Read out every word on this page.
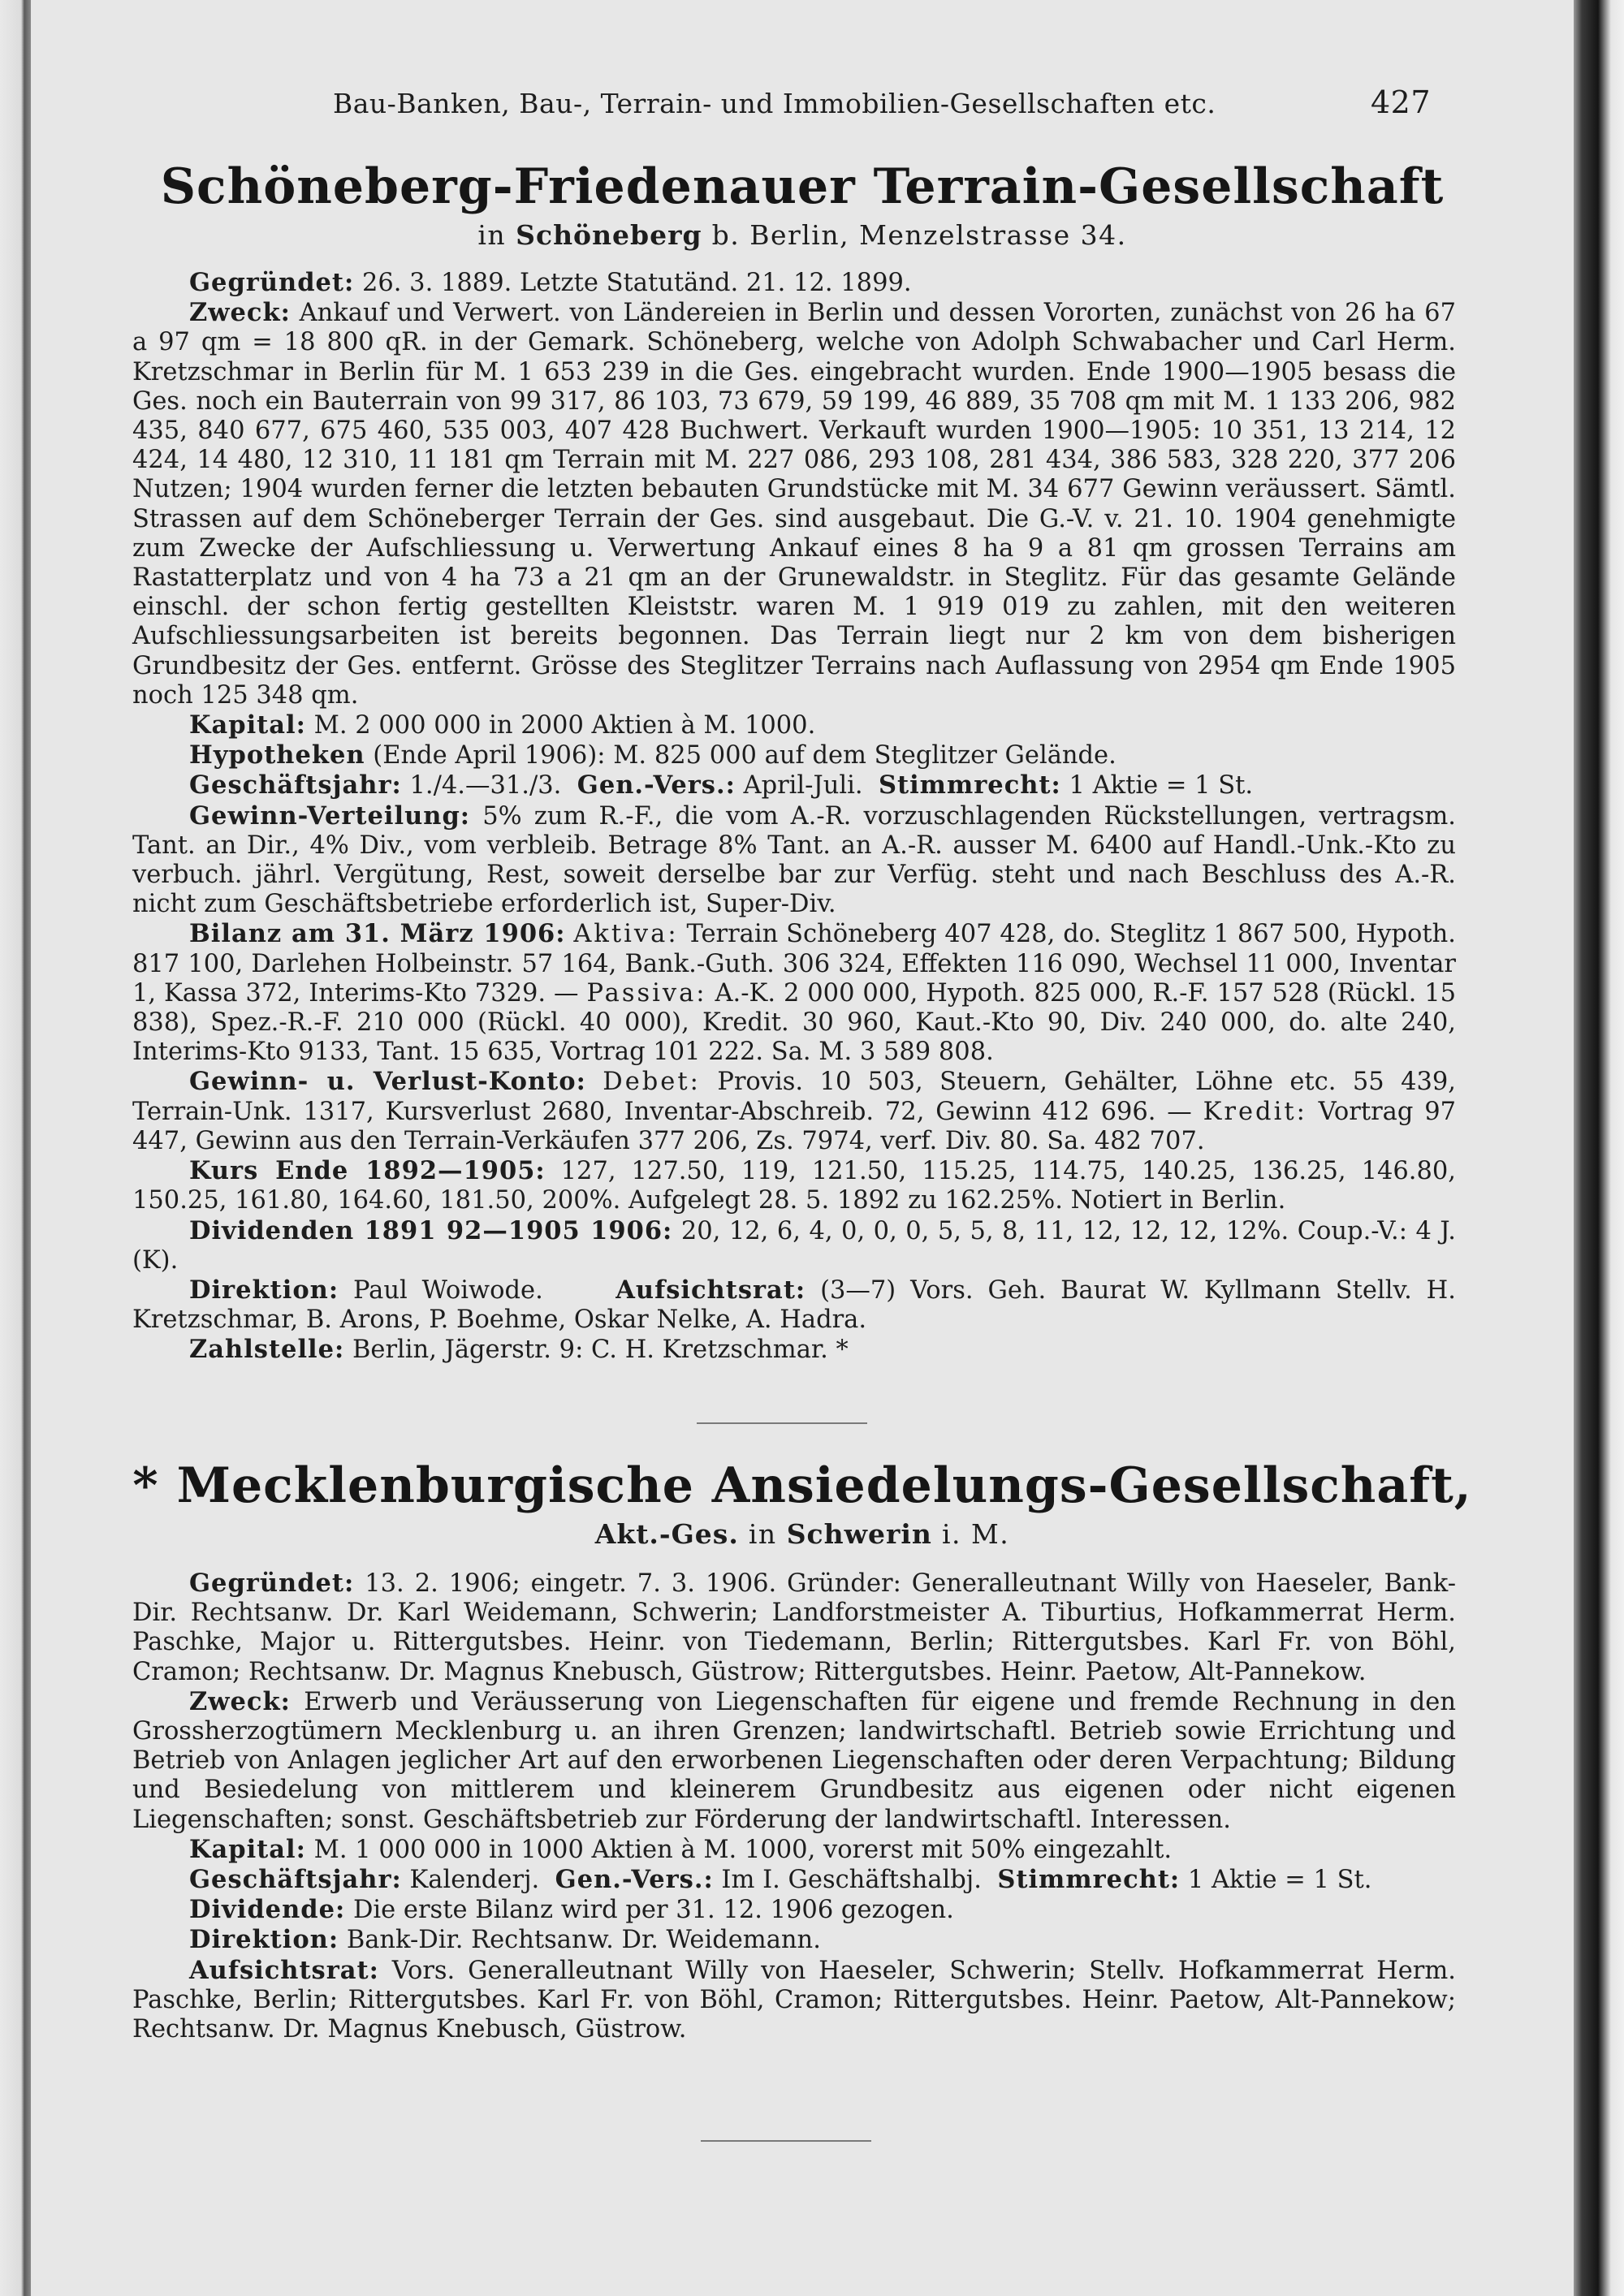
Bau-Banken, Bau-, Terrain- und Immobilien-Gesellschaften etc.	427
Schöneberg-Friedenauer Terrain-Gesellschaft
in Schöneberg b. Berlin, Menzelstrasse 34.

Gegründet: 26. 3. 1889. Letzte Statutänd. 21. 12. 1899.

Zweck: Ankauf und Verwert. von Ländereien in Berlin und dessen Vororten, zunächst von 26 ha 67 a 97 qm = 18 800 qR. in der Gemark. Schöneberg, welche von Adolph Schwabacher und Carl Herm. Kretzschmar in Berlin für M. 1 653 239 in die Ges. eingebracht wurden. Ende 1900—1905 besass die Ges. noch ein Bauterrain von 99 317, 86 103, 73 679, 59 199, 46 889, 35 708 qm mit M. 1 133 206, 982 435, 840 677, 675 460, 535 003, 407 428 Buchwert. Verkauft wurden 1900—1905: 10 351, 13 214, 12 424, 14 480, 12 310, 11 181 qm Terrain mit M. 227 086, 293 108, 281 434, 386 583, 328 220, 377 206 Nutzen; 1904 wurden ferner die letzten bebauten Grundstücke mit M. 34 677 Gewinn veräussert. Sämtl. Strassen auf dem Schöneberger Terrain der Ges. sind ausgebaut. Die G.-V. v. 21. 10. 1904 genehmigte zum Zwecke der Aufschliessung u. Verwertung Ankauf eines 8 ha 9 a 81 qm grossen Terrains am Rastatterplatz und von 4 ha 73 a 21 qm an der Grunewaldstr. in Steglitz. Für das gesamte Gelände einschl. der schon fertig gestellten Kleiststr. waren M. 1 919 019 zu zahlen, mit den weiteren Aufschliessungsarbeiten ist bereits begonnen. Das Terrain liegt nur 2 km von dem bisherigen Grundbesitz der Ges. entfernt. Grösse des Steglitzer Terrains nach Auflassung von 2954 qm Ende 1905 noch 125 348 qm.

Kapital: M. 2 000 000 in 2000 Aktien à M. 1000.

Hypotheken (Ende April 1906): M. 825 000 auf dem Steglitzer Gelände.

Geschäftsjahr: 1./4.—31./3. Gen.-Vers.: April-Juli. Stimmrecht: 1 Aktie = 1 St.

Gewinn-Verteilung: 5% zum R.-F., die vom A.-R. vorzuschlagenden Rückstellungen, vertragsm. Tant. an Dir., 4% Div., vom verbleib. Betrage 8% Tant. an A.-R. ausser M. 6400 auf Handl.-Unk.-Kto zu verbuch. jährl. Vergütung, Rest, soweit derselbe bar zur Verfüg. steht und nach Beschluss des A.-R. nicht zum Geschäftsbetriebe erforderlich ist, Super-Div.

Bilanz am 31. März 1906: Aktiva: Terrain Schöneberg 407 428, do. Steglitz 1 867 500, Hypoth. 817 100, Darlehen Holbeinstr. 57 164, Bank.-Guth. 306 324, Effekten 116 090, Wechsel 11 000, Inventar 1, Kassa 372, Interims-Kto 7329. — Passiva: A.-K. 2 000 000, Hypoth. 825 000, R.-F. 157 528 (Rückl. 15 838), Spez.-R.-F. 210 000 (Rückl. 40 000), Kredit. 30 960, Kaut.-Kto 90, Div. 240 000, do. alte 240, Interims-Kto 9133, Tant. 15 635, Vortrag 101 222. Sa. M. 3 589 808.

Gewinn- u. Verlust-Konto: Debet: Provis. 10 503, Steuern, Gehälter, Löhne etc. 55 439, Terrain-Unk. 1317, Kursverlust 2680, Inventar-Abschreib. 72, Gewinn 412 696. — Kredit: Vortrag 97 447, Gewinn aus den Terrain-Verkäufen 377 206, Zs. 7974, verf. Div. 80. Sa. 482 707.

Kurs Ende 1892—1905: 127, 127.50, 119, 121.50, 115.25, 114.75, 140.25, 136.25, 146.80, 150.25, 161.80, 164.60, 181.50, 200%. Aufgelegt 28. 5. 1892 zu 162.25%. Notiert in Berlin.

Dividenden 1891 92—1905 1906: 20, 12, 6, 4, 0, 0, 0, 5, 5, 8, 11, 12, 12, 12, 12%. Coup.-V.: 4 J. (K).

Direktion: Paul Woiwode.	Aufsichtsrat: (3—7) Vors. Geh. Baurat W. Kyllmann Stellv. H. Kretzschmar, B. Arons, P. Boehme, Oskar Nelke, A. Hadra.

Zahlstelle: Berlin, Jägerstr. 9: C. H. Kretzschmar. *

* Mecklenburgische Ansiedelungs-Gesellschaft,
Akt.-Ges. in Schwerin i. M.

Gegründet: 13. 2. 1906; eingetr. 7. 3. 1906. Gründer: Generalleutnant Willy von Haeseler, Bank-Dir. Rechtsanw. Dr. Karl Weidemann, Schwerin; Landforstmeister A. Tiburtius, Hofkammerrat Herm. Paschke, Major u. Rittergutsbes. Heinr. von Tiedemann, Berlin; Rittergutsbes. Karl Fr. von Böhl, Cramon; Rechtsanw. Dr. Magnus Knebusch, Güstrow; Rittergutsbes. Heinr. Paetow, Alt-Pannekow.

Zweck: Erwerb und Veräusserung von Liegenschaften für eigene und fremde Rechnung in den Grossherzogtümern Mecklenburg u. an ihren Grenzen; landwirtschaftl. Betrieb sowie Errichtung und Betrieb von Anlagen jeglicher Art auf den erworbenen Liegenschaften oder deren Verpachtung; Bildung und Besiedelung von mittlerem und kleinerem Grundbesitz aus eigenen oder nicht eigenen Liegenschaften; sonst. Geschäftsbetrieb zur Förderung der landwirtschaftl. Interessen.

Kapital: M. 1 000 000 in 1000 Aktien à M. 1000, vorerst mit 50% eingezahlt.

Geschäftsjahr: Kalenderj. Gen.-Vers.: Im I. Geschäftshalbj. Stimmrecht: 1 Aktie = 1 St.

Dividende: Die erste Bilanz wird per 31. 12. 1906 gezogen.

Direktion: Bank-Dir. Rechtsanw. Dr. Weidemann.

Aufsichtsrat: Vors. Generalleutnant Willy von Haeseler, Schwerin; Stellv. Hofkammerrat Herm. Paschke, Berlin; Rittergutsbes. Karl Fr. von Böhl, Cramon; Rittergutsbes. Heinr. Paetow, Alt-Pannekow; Rechtsanw. Dr. Magnus Knebusch, Güstrow.
